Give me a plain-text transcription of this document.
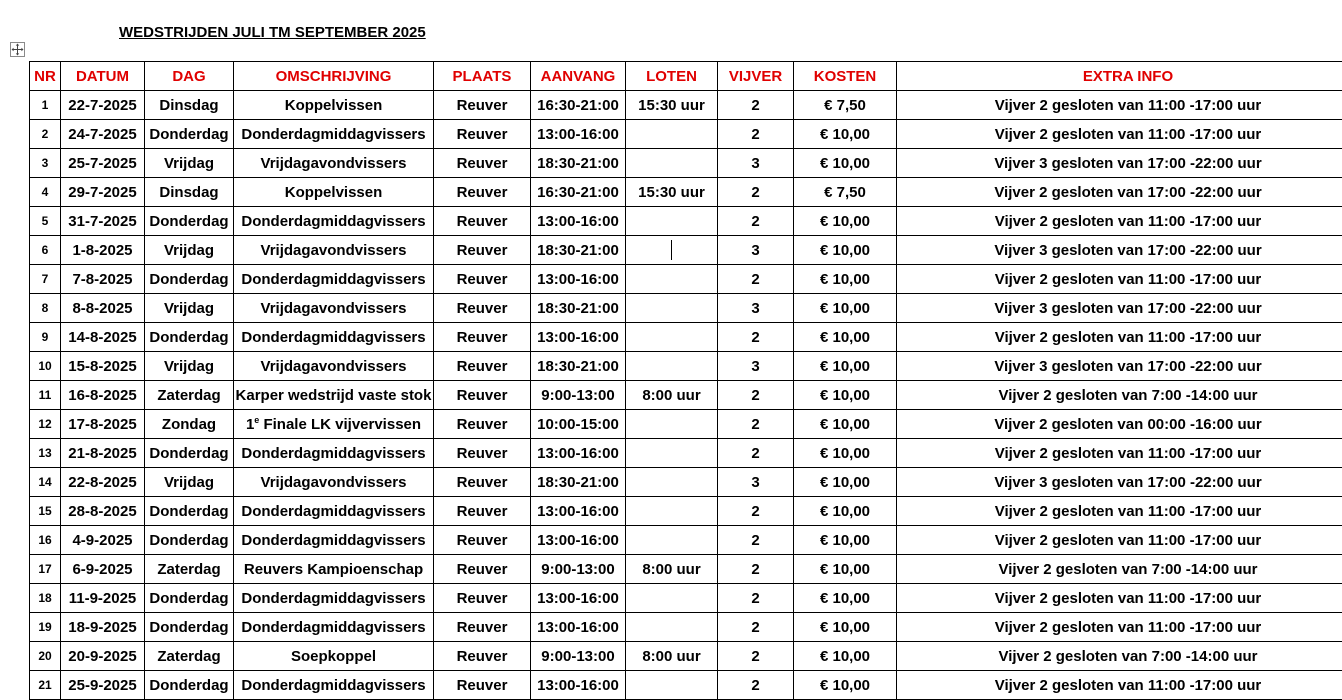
WEDSTRIJDEN JULI TM SEPTEMBER 2025
NR	DATUM	DAG	OMSCHRIJVING	PLAATS	AANVANG	LOTEN	VIJVER	KOSTEN	EXTRA INFO
1	22-7-2025	Dinsdag	Koppelvissen	Reuver	16:30-21:00	15:30 uur	2	€ 7,50	Vijver 2 gesloten van 11:00 -17:00 uur
2	24-7-2025	Donderdag	Donderdagmiddagvissers	Reuver	13:00-16:00		2	€ 10,00	Vijver 2 gesloten van 11:00 -17:00 uur
3	25-7-2025	Vrijdag	Vrijdagavondvissers	Reuver	18:30-21:00		3	€ 10,00	Vijver 3 gesloten van 17:00 -22:00 uur
4	29-7-2025	Dinsdag	Koppelvissen	Reuver	16:30-21:00	15:30 uur	2	€ 7,50	Vijver 2 gesloten van 17:00 -22:00 uur
5	31-7-2025	Donderdag	Donderdagmiddagvissers	Reuver	13:00-16:00		2	€ 10,00	Vijver 2 gesloten van 11:00 -17:00 uur
6	1-8-2025	Vrijdag	Vrijdagavondvissers	Reuver	18:30-21:00		3	€ 10,00	Vijver 3 gesloten van 17:00 -22:00 uur
7	7-8-2025	Donderdag	Donderdagmiddagvissers	Reuver	13:00-16:00		2	€ 10,00	Vijver 2 gesloten van 11:00 -17:00 uur
8	8-8-2025	Vrijdag	Vrijdagavondvissers	Reuver	18:30-21:00		3	€ 10,00	Vijver 3 gesloten van 17:00 -22:00 uur
9	14-8-2025	Donderdag	Donderdagmiddagvissers	Reuver	13:00-16:00		2	€ 10,00	Vijver 2 gesloten van 11:00 -17:00 uur
10	15-8-2025	Vrijdag	Vrijdagavondvissers	Reuver	18:30-21:00		3	€ 10,00	Vijver 3 gesloten van 17:00 -22:00 uur
11	16-8-2025	Zaterdag	Karper wedstrijd vaste stok	Reuver	9:00-13:00	8:00 uur	2	€ 10,00	Vijver 2 gesloten van 7:00 -14:00 uur
12	17-8-2025	Zondag	1e Finale LK vijvervissen	Reuver	10:00-15:00		2	€ 10,00	Vijver 2 gesloten van 00:00 -16:00 uur
13	21-8-2025	Donderdag	Donderdagmiddagvissers	Reuver	13:00-16:00		2	€ 10,00	Vijver 2 gesloten van 11:00 -17:00 uur
14	22-8-2025	Vrijdag	Vrijdagavondvissers	Reuver	18:30-21:00		3	€ 10,00	Vijver 3 gesloten van 17:00 -22:00 uur
15	28-8-2025	Donderdag	Donderdagmiddagvissers	Reuver	13:00-16:00		2	€ 10,00	Vijver 2 gesloten van 11:00 -17:00 uur
16	4-9-2025	Donderdag	Donderdagmiddagvissers	Reuver	13:00-16:00		2	€ 10,00	Vijver 2 gesloten van 11:00 -17:00 uur
17	6-9-2025	Zaterdag	Reuvers Kampioenschap	Reuver	9:00-13:00	8:00 uur	2	€ 10,00	Vijver 2 gesloten van 7:00 -14:00 uur
18	11-9-2025	Donderdag	Donderdagmiddagvissers	Reuver	13:00-16:00		2	€ 10,00	Vijver 2 gesloten van 11:00 -17:00 uur
19	18-9-2025	Donderdag	Donderdagmiddagvissers	Reuver	13:00-16:00		2	€ 10,00	Vijver 2 gesloten van 11:00 -17:00 uur
20	20-9-2025	Zaterdag	Soepkoppel	Reuver	9:00-13:00	8:00 uur	2	€ 10,00	Vijver 2 gesloten van 7:00 -14:00 uur
21	25-9-2025	Donderdag	Donderdagmiddagvissers	Reuver	13:00-16:00		2	€ 10,00	Vijver 2 gesloten van 11:00 -17:00 uur
